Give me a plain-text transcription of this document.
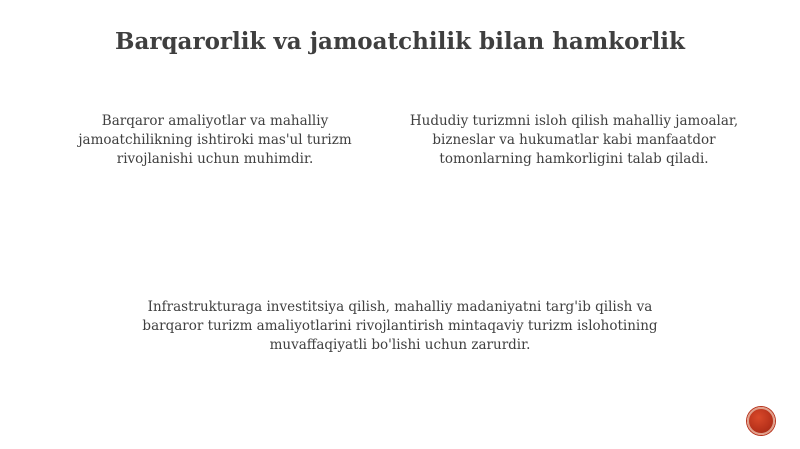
Barqarorlik va jamoatchilik bilan hamkorlik

Barqaror amaliyotlar va mahalliy jamoatchilikning ishtiroki mas'ul turizm rivojlanishi uchun muhimdir.

Hududiy turizmni isloh qilish mahalliy jamoalar, bizneslar va hukumatlar kabi manfaatdor tomonlarning hamkorligini talab qiladi.

Infrastrukturaga investitsiya qilish, mahalliy madaniyatni targ'ib qilish va barqaror turizm amaliyotlarini rivojlantirish mintaqaviy turizm islohotining muvaffaqiyatli bo'lishi uchun zarurdir.
